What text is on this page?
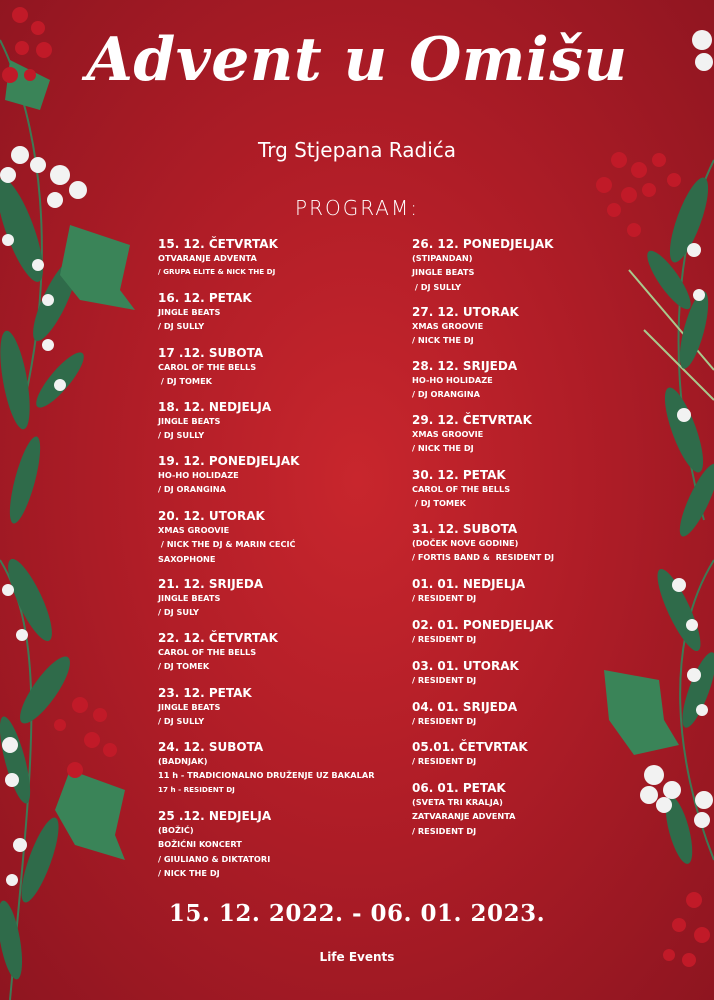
Advent u Omišu
Trg Stjepana Radića
PROGRAM:
15. 12. ČETVRTAK
OTVARANJE ADVENTA
/ GRUPA ELITE & NICK THE DJ
16. 12. PETAK
JINGLE BEATS
/ DJ SULLY
17 .12. SUBOTA
CAROL OF THE BELLS
/ DJ TOMEK
18. 12. NEDJELJA
JINGLE BEATS
/ DJ SULLY
19. 12. PONEDJELJAK
HO-HO HOLIDAZE
/ DJ ORANGINA
20. 12. UTORAK
XMAS GROOVIE
/ NICK THE DJ & MARIN CECIĆ
SAXOPHONE
21. 12. SRIJEDA
JINGLE BEATS
/ DJ SULY
22. 12. ČETVRTAK
CAROL OF THE BELLS
/ DJ TOMEK
23. 12. PETAK
JINGLE BEATS
/ DJ SULLY
24. 12. SUBOTA
(BADNJAK)
11 h - TRADICIONALNO DRUŽENJE UZ BAKALAR
17 h - RESIDENT DJ
25 .12. NEDJELJA
(BOŽIĆ)
BOŽIĆNI KONCERT
/ GIULIANO & DIKTATORI
/ NICK THE DJ
26. 12. PONEDJELJAK
(STIPANDAN)
JINGLE BEATS
/ DJ SULLY
27. 12. UTORAK
XMAS GROOVIE
/ NICK THE DJ
28. 12. SRIJEDA
HO-HO HOLIDAZE
/ DJ ORANGINA
29. 12. ČETVRTAK
XMAS GROOVIE
/ NICK THE DJ
30. 12. PETAK
CAROL OF THE BELLS
/ DJ TOMEK
31. 12. SUBOTA
(DOČEK NOVE GODINE)
/ FORTIS BAND &  RESIDENT DJ
01. 01. NEDJELJA
/ RESIDENT DJ
02. 01. PONEDJELJAK
/ RESIDENT DJ
03. 01. UTORAK
/ RESIDENT DJ
04. 01. SRIJEDA
/ RESIDENT DJ
05.01. ČETVRTAK
/ RESIDENT DJ
06. 01. PETAK
(SVETA TRI KRALJA)
ZATVARANJE ADVENTA
/ RESIDENT DJ
15. 12. 2022. - 06. 01. 2023.
Life Events
